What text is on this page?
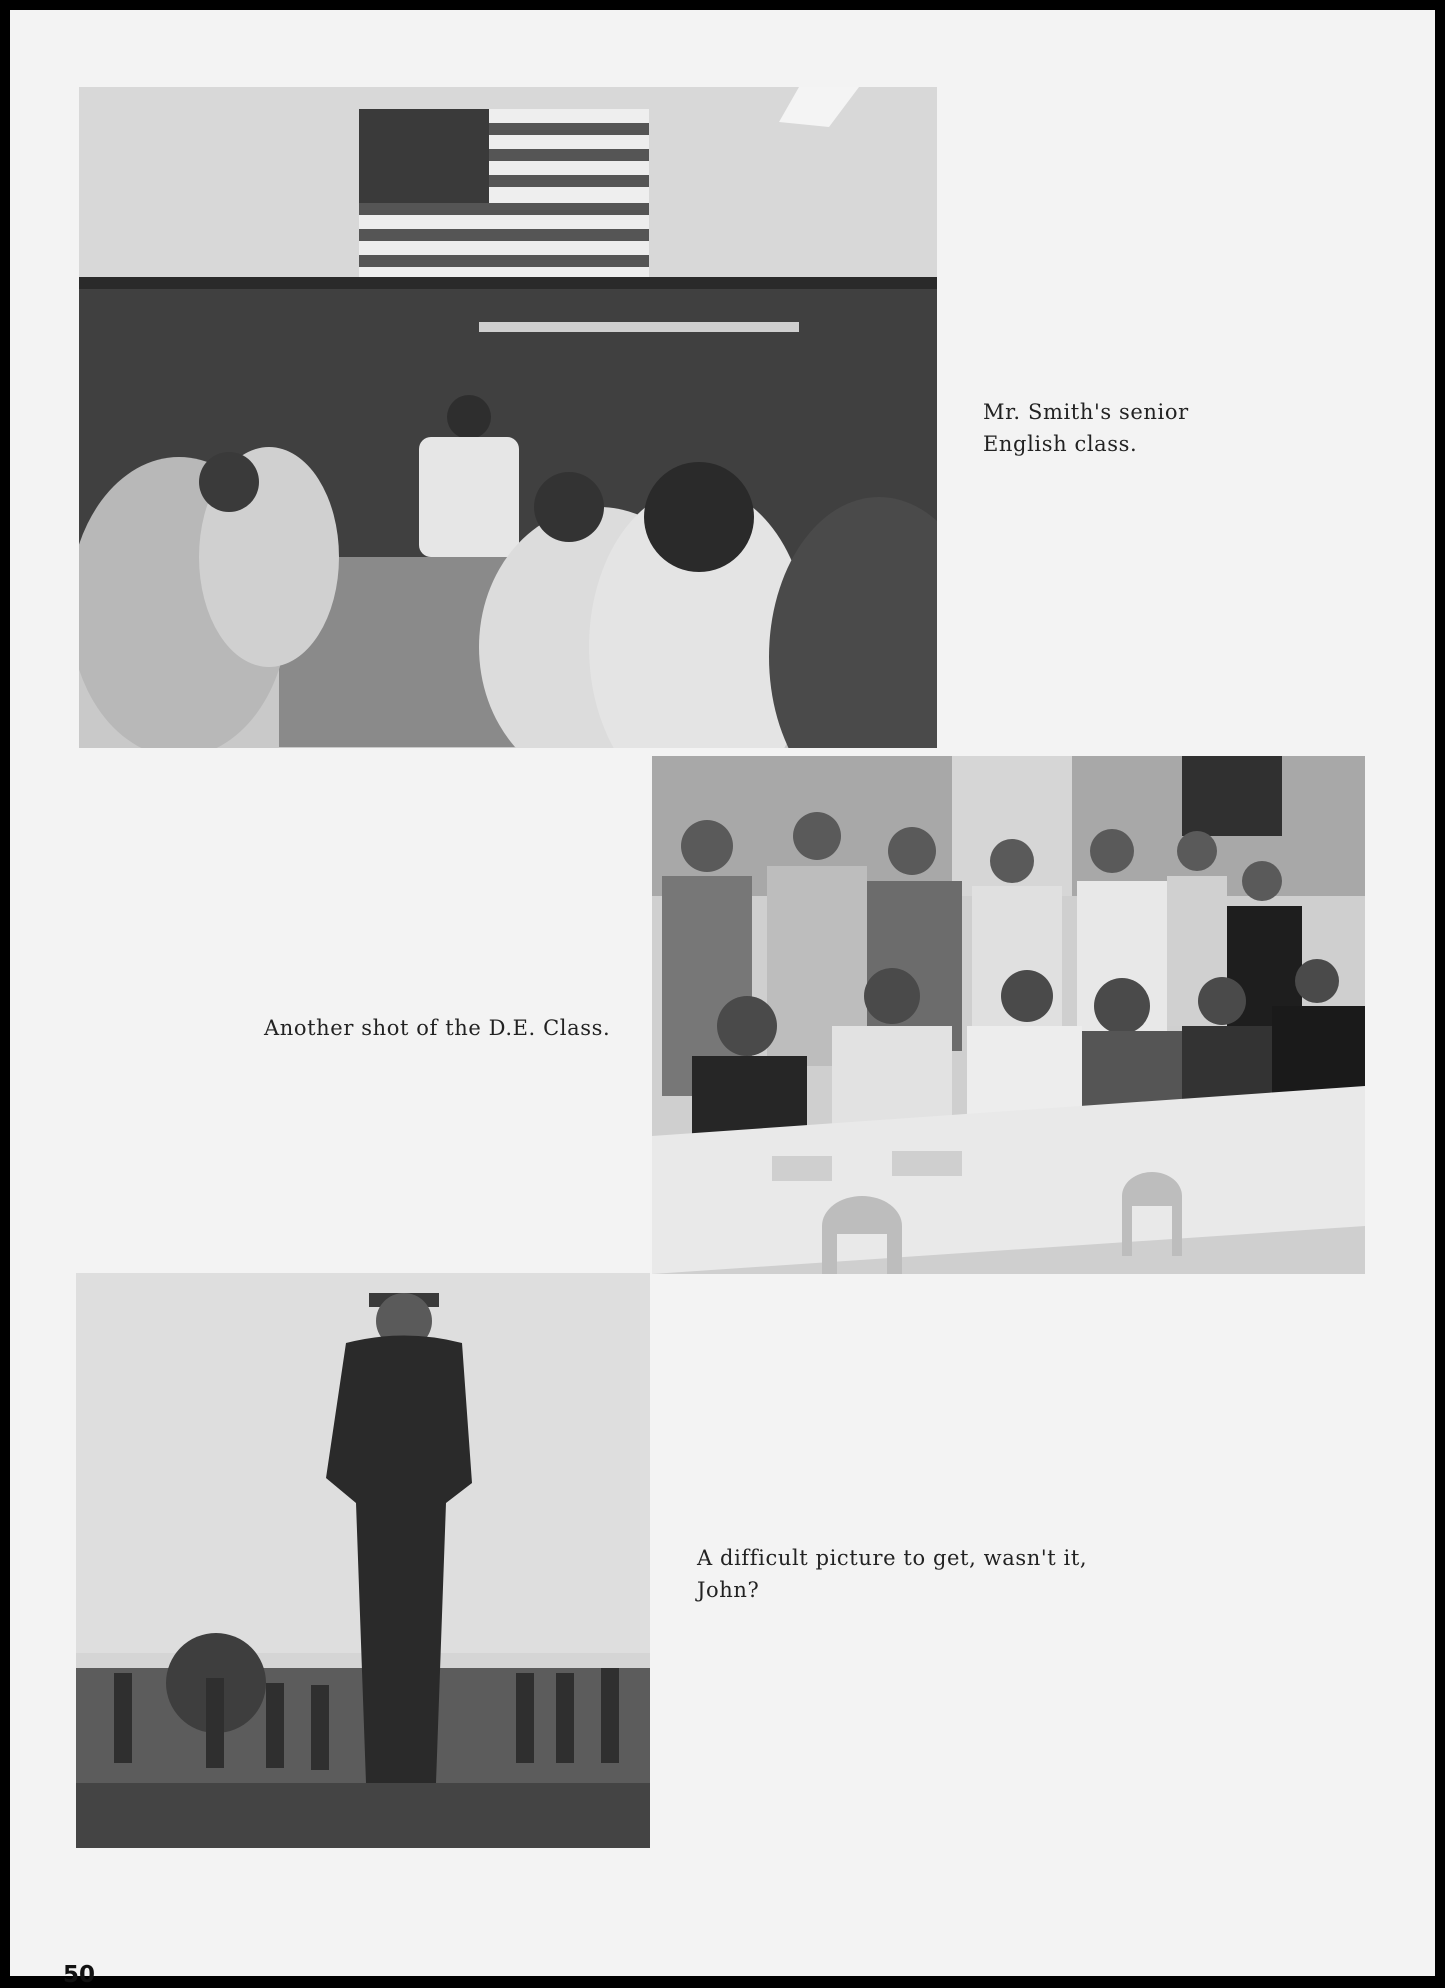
Mr. Smith's senior
English class.
Another shot of the D.E. Class.
A difficult picture to get, wasn't it,
John?
50
